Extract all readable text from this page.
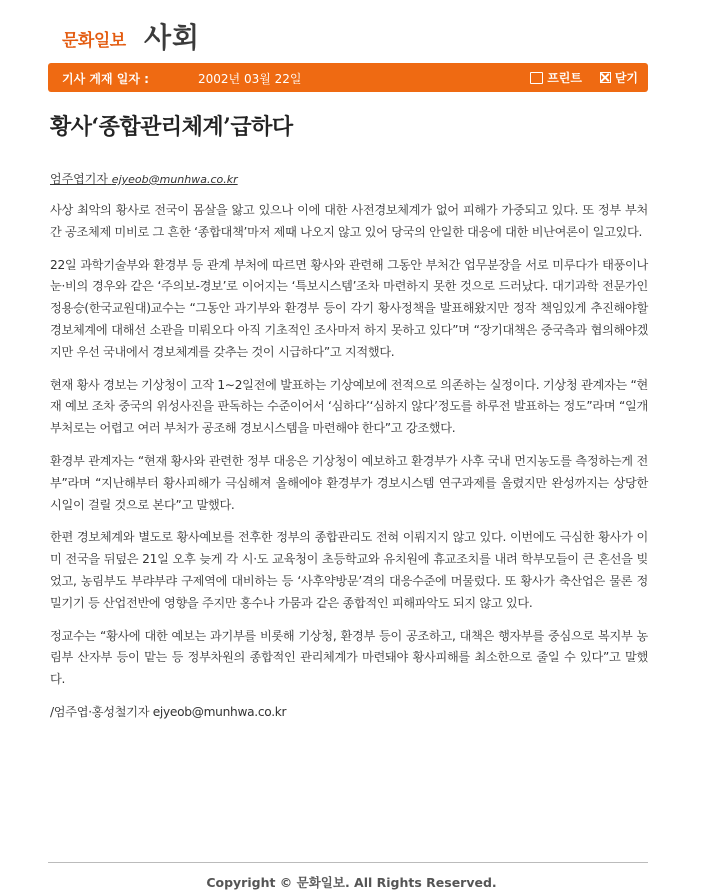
문화일보 사회
기사 게재 일자 :	2002년 03월 22일	프린트	닫기
황사‘종합관리체계’급하다
엄주엽기자 ejyeob@munhwa.co.kr

사상 최악의 황사로 전국이 몸살을 앓고 있으나 이에 대한 사전경보체계가 없어 피해가 가중되고 있다. 또 정부 부처간 공조체제 미비로 그 흔한 ‘종합대책’마저 제때 나오지 않고 있어 당국의 안일한 대응에 대한 비난여론이 일고있다.

22일 과학기술부와 환경부 등 관계 부처에 따르면 황사와 관련해 그동안 부처간 업무분장을 서로 미루다가 태풍이나 눈·비의 경우와 같은 ‘주의보-경보’로 이어지는 ‘특보시스템’조차 마련하지 못한 것으로 드러났다. 대기과학 전문가인 정용승(한국교원대)교수는 “그동안 과기부와 환경부 등이 각기 황사정책을 발표해왔지만 정작 책임있게 추진해야할 경보체계에 대해선 소관을 미뤄오다 아직 기초적인 조사마저 하지 못하고 있다”며 “장기대책은 중국측과 협의해야겠지만 우선 국내에서 경보체계를 갖추는 것이 시급하다”고 지적했다.

현재 황사 경보는 기상청이 고작 1∼2일전에 발표하는 기상예보에 전적으로 의존하는 실정이다. 기상청 관계자는 “현재 예보 조차 중국의 위성사진을 판독하는 수준이어서 ‘심하다’‘심하지 않다’정도를 하루전 발표하는 정도”라며 “일개 부처로는 어렵고 여러 부처가 공조해 경보시스템을 마련해야 한다”고 강조했다.

환경부 관계자는 “현재 황사와 관련한 정부 대응은 기상청이 예보하고 환경부가 사후 국내 먼지농도를 측정하는게 전부”라며 “지난해부터 황사피해가 극심해져 올해에야 환경부가 경보시스템 연구과제를 올렸지만 완성까지는 상당한 시일이 걸릴 것으로 본다”고 말했다.

한편 경보체계와 별도로 황사예보를 전후한 정부의 종합관리도 전혀 이뤄지지 않고 있다. 이번에도 극심한 황사가 이미 전국을 뒤덮은 21일 오후 늦게 각 시·도 교육청이 초등학교와 유치원에 휴교조치를 내려 학부모들이 큰 혼선을 빚었고, 농림부도 부랴부랴 구제역에 대비하는 등 ‘사후약방문’격의 대응수준에 머물렀다. 또 황사가 축산업은 물론 정밀기기 등 산업전반에 영향을 주지만 홍수나 가뭄과 같은 종합적인 피해파악도 되지 않고 있다.

정교수는 “황사에 대한 예보는 과기부를 비롯해 기상청, 환경부 등이 공조하고, 대책은 행자부를 중심으로 복지부 농림부 산자부 등이 맡는 등 정부차원의 종합적인 관리체계가 마련돼야 황사피해를 최소한으로 줄일 수 있다”고 말했다.

/엄주엽·홍성철기자 ejyeob@munhwa.co.kr

Copyright © 문화일보. All Rights Reserved.
